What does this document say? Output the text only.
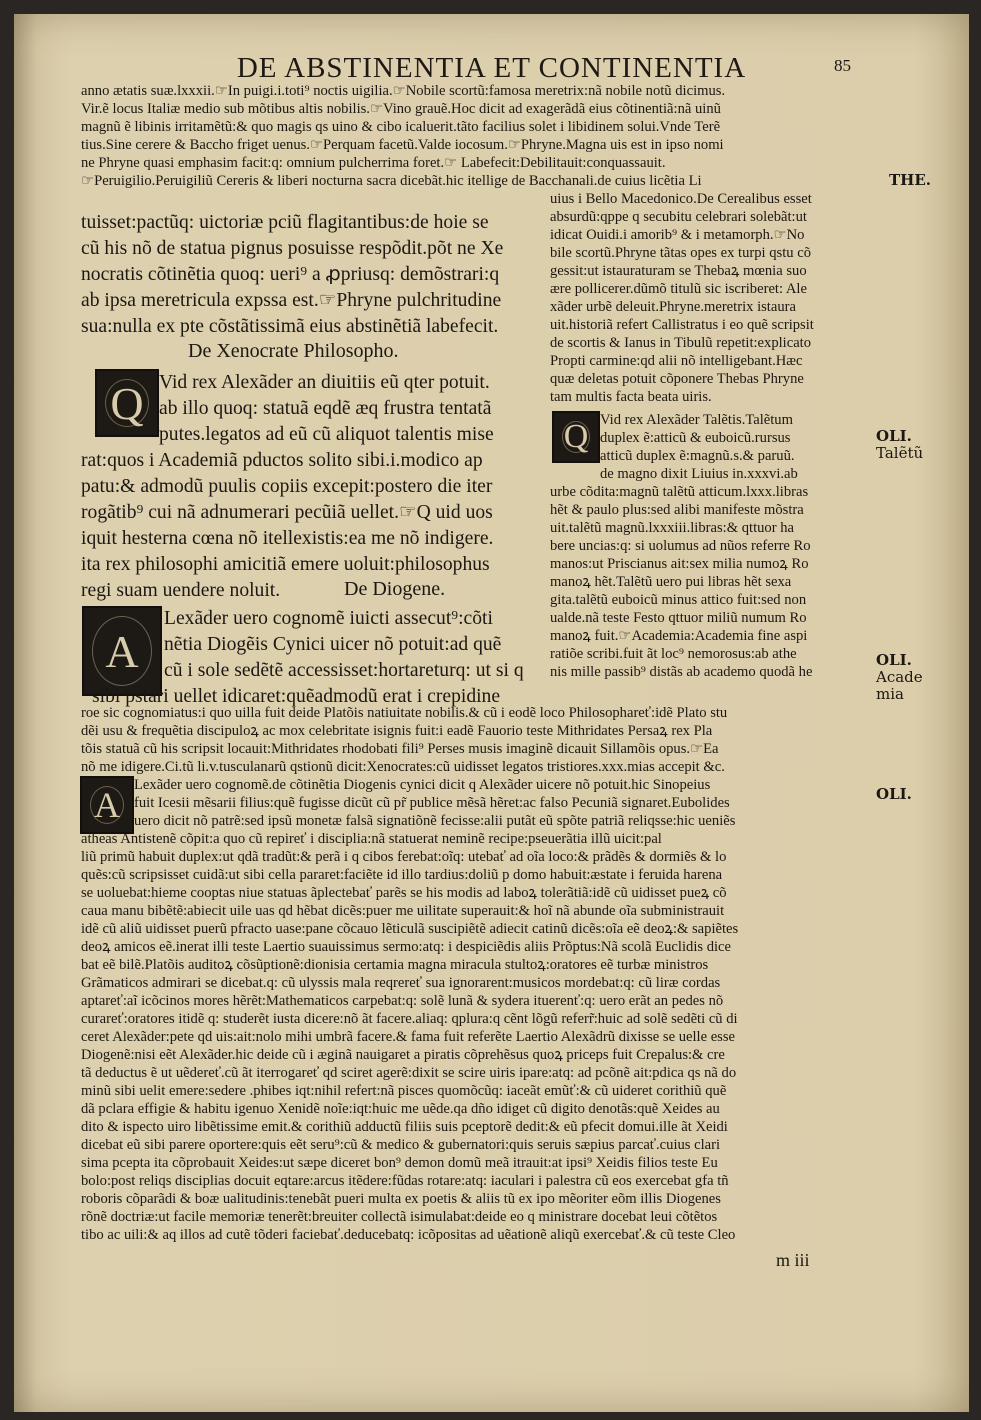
DE ABSTINENTIA ET CONTINENTIA	85
anno ætatis suæ.lxxxii.☞In puigi.i.toti⁹ noctis uigilia.☞Nobile scortũ:famosa meretrix:nã nobile notũ dicimus.
Vir.ẽ locus Italiæ medio sub mõtibus altis nobilis.☞Vino grauẽ.Hoc dicit ad exagerãdã eius cõtinentiã:nã uinũ
magnũ ẽ libinis irritamẽtũ:& quo magis qs uino & cibo icaluerit.tãto facilius solet i libidinem solui.Vnde Terẽ
tius.Sine cerere & Baccho friget uenus.☞Perquam facetũ.Valde iocosum.☞Phryne.Magna uis est in ipso nomi
ne Phryne quasi emphasim facit:q: omnium pulcherrima foret.☞ Labefecit:Debilitauit:conquassauit.
☞Peruigilio.Peruigiliũ Cereris & liberi nocturna sacra dicebãt.hic itellige de Bacchanali.de cuius licẽtia Li
uius i Bello Macedonico.De Cerealibus esset
tuisset:pactũq: uictoriæ pciũ flagitantibus:de hoie se
cũ his nõ de statua pignus posuisse respõdit.põt ne Xe
nocratis cõtinẽtia quoq: ueri⁹ a ꝓpriusq: demõstrari:q
ab ipsa meretricula expssa est.☞Phryne pulchritudine
sua:nulla ex pte cõstãtissimã eius abstinẽtiã labefecit.
De Xenocrate Philosopho.
Q Vid rex Alexãder an diuitiis eũ qter potuit.
ab illo quoq: statuã eqdẽ æq frustra tentatã
putes.legatos ad eũ cũ aliquot talentis mise
rat:quos i Academiã pductos solito sibi.i.modico ap
patu:& admodũ puulis copiis excepit:postero die iter
rogãtib⁹ cui nã adnumerari pecũiã uellet.☞Q uid uos
iquit hesterna cœna nõ itellexistis:ea me nõ indigere.
ita rex philosophi amicitiã emere uoluit:philosophus
regi suam uendere noluit.	De Diogene.
A
Lexãder uero cognomẽ iuicti assecut⁹:cõti
nẽtia Diogẽis Cynici uicer nõ potuit:ad quẽ
cũ i sole sedẽtẽ accessisset:hortareturq: ut si q
sibi pstari uellet idicaret:quẽadmodũ erat i crepidine
absurdũ:qppe q secubitu celebrari solebãt:ut
idicat Ouidi.i amorib⁹ & i metamorph.☞No
bile scortũ.Phryne tãtas opes ex turpi qstu cõ
gessit:ut istauraturam se Thebaꝝ mœnia suo
ære pollicerer.dũmõ titulũ sic iscriberet: Ale
xãder urbẽ deleuit.Phryne.meretrix istaura
uit.historiã refert Callistratus i eo quẽ scripsit
de scortis & Ianus in Tibulũ repetit:explicato
Propti carmine:qd alii nõ intelligebant.Hæc
quæ deletas potuit cõponere Thebas Phryne
tam multis facta beata uiris.
Q Vid rex Alexãder Talẽtis.Talẽtum
duplex ẽ:atticũ & euboicũ.rursus
atticũ duplex ẽ:magnũ.s.& paruũ.
de magno dixit Liuius in.xxxvi.ab
urbe cõdita:magnũ talẽtũ atticum.lxxx.libras
hẽt & paulo plus:sed alibi manifeste mõstra
uit.talẽtũ magnũ.lxxxiii.libras:& qttuor ha
bere uncias:q: si uolumus ad nũos referre Ro
manos:ut Priscianus ait:sex milia numoꝝ Ro
manoꝝ hẽt.Talẽtũ uero pui libras hẽt sexa
gita.talẽtũ euboicũ minus attico fuit:sed non
ualde.nã teste Festo qttuor miliũ numum Ro
manoꝝ fuit.☞Academia:Academia fine aspi
ratiõe scribi.fuit ãt loc⁹ nemorosus:ab athe
nis mille passib⁹ distãs ab academo quodã he
THE.
OLI.
Talẽtũ
OLI.
Acade
mia
OLI.
roe sic cognomiatus:i quo uilla fuit deide Platõis natiuitate nobilis.& cũ i eodẽ loco Philosophareť:idẽ Plato stu
dẽi usu & frequẽtia discipuloꝝ ac mox celebritate isignis fuit:i eadẽ Fauorio teste Mithridates Persaꝝ rex Pla
tõis statuã cũ his scripsit locauit:Mithridates rhodobati fili⁹ Perses musis imaginẽ dicauit Sillamõis opus.☞Ea
nõ me idigere.Ci.tũ li.v.tusculanarũ qstionũ dicit:Xenocrates:cũ uidisset legatos tristiores.xxx.mias accepit &c.
A Lexãder uero cognomẽ.de cõtinẽtia Diogenis cynici dicit q Alexãder uicere nõ potuit.hic Sinopeius
fuit Icesii mẽsarii filius:quẽ fugisse dicũt cũ pr̃ publice mẽsã hẽret:ac falso Pecuniã signaret.Eubolides
uero dicit nõ patrẽ:sed ipsũ monetæ falsã signatiõnẽ fecisse:alii putãt eũ spõte patriã reliqsse:hic ueniẽs
atheas Antistenẽ cõpit:a quo cũ repireť i disciplia:nã statuerat neminẽ recipe:pseuerãtia illũ uicit:pal
liũ primũ habuit duplex:ut qdã tradũt:& perã i q cibos ferebat:oĩq: utebať ad oĩa loco:& prãdẽs & dormiẽs & lo
quẽs:cũ scripsisset cuidã:ut sibi cella pararet:faciẽte id illo tardius:doliũ p domo habuit:æstate i feruida harena
se uoluebat:hieme cooptas niue statuas ãplectebať parẽs se his modis ad laboꝝ tolerãtiã:idẽ cũ uidisset pueꝝ cõ
caua manu bibẽtẽ:abiecit uile uas qd hẽbat dicẽs:puer me uilitate superauit:& hoĩ nã abunde oĩa subministrauit
idẽ cũ aliũ uidisset puerũ pfracto uase:pane cõcauo lẽticulã suscipiẽtẽ adiecit catinũ dicẽs:oĩa eẽ deoꝝ:& sapiẽtes
deoꝝ amicos eẽ.inerat illi teste Laertio suauissimus sermo:atq: i despiciẽdis aliis Prõptus:Nã scolã Euclidis dice
bat eẽ bilẽ.Platõis auditoꝝ cõsũptionẽ:dionisia certamia magna miracula stultoꝝ:oratores eẽ turbæ ministros
Grãmaticos admirari se dicebat.q: cũ ulyssis mala reqrereť sua ignorarent:musicos mordebat:q: cũ liræ cordas
aptareť:aĩ icõcinos mores hẽrẽt:Mathematicos carpebat:q: solẽ lunã & sydera ituerenť:q: uero erãt an pedes nõ
curareť:oratores itidẽ q: studerẽt iusta dicere:nõ ãt facere.aliaq: qplura:q cẽnt lõgũ referr̃:huic ad solẽ sedẽti cũ di
ceret Alexãder:pete qd uis:ait:nolo mihi umbrã facere.& fama fuit referẽte Laertio Alexãdrũ dixisse se uelle esse
Diogenẽ:nisi eẽt Alexãder.hic deide cũ i æginã nauigaret a piratis cõprehẽsus quoꝝ priceps fuit Crepalus:& cre
tã deductus ẽ ut uẽdereť.cũ ãt iterrogareť qd sciret agerẽ:dixit se scire uiris ipare:atq: ad pcõnẽ ait:pdica qs nã do
minũ sibi uelit emere:sedere .phibes iqt:nihil refert:nã pisces quomõcũq: iaceãt emũť:& cũ uideret corithiũ quẽ
dã pclara effigie & habitu igenuo Xenidẽ noĩe:iqt:huic me uẽde.qa dño idiget cũ digito denotãs:quẽ Xeides au
dito & ispecto uiro libẽtissime emit.& corithiũ adductũ filiis suis pceptorẽ dedit:& eũ pfecit domui.ille ãt Xeidi
dicebat eũ sibi parere oportere:quis eẽt seru⁹:cũ & medico & gubernatori:quis seruis sæpius parcať.cuius clari
sima pcepta ita cõprobauit Xeides:ut sæpe diceret bon⁹ demon domũ meã itrauit:at ipsi⁹ Xeidis filios teste Eu
bolo:post reliqs disciplias docuit eqtare:arcus itẽdere:fũdas rotare:atq: iaculari i palestra cũ eos exercebat gfa tñ
roboris cõparãdi & boæ ualitudinis:tenebãt pueri multa ex poetis & aliis tũ ex ipo mẽoriter eõm illis Diogenes
rõnẽ doctriæ:ut facile memoriæ tenerẽt:breuiter collectã isimulabat:deide eo q ministrare docebat leui cõtẽtos
tibo ac uili:& aq illos ad cutẽ tõderi faciebať.deducebatq: icõpositas ad uẽationẽ aliqũ exercebať.& cũ teste Cleo
m iii
